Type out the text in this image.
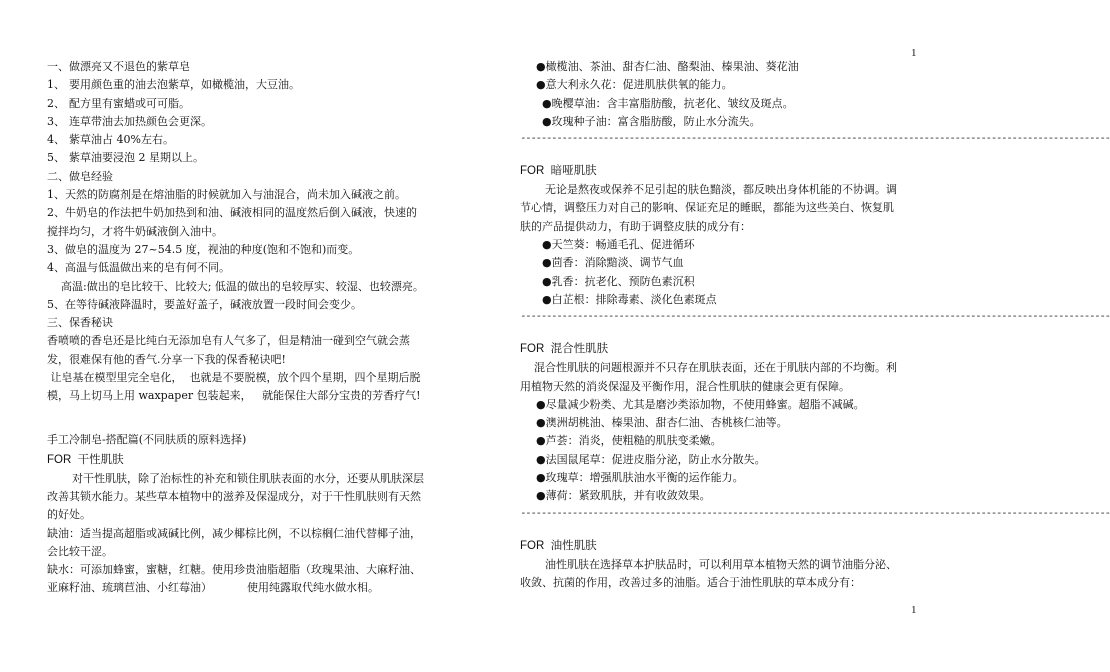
1
1
一、做漂亮又不退色的紫草皂
1、 要用颜色重的油去泡紫草，如橄榄油，大豆油。
2、 配方里有蜜蜡或可可脂。
3、 连草带油去加热颜色会更深。
4、 紫草油占 40%左右。
5、 紫草油要浸泡 2 星期以上。
二、做皂经验
1、天然的防腐剂是在熔油脂的时候就加入与油混合，尚未加入碱液之前。
2、牛奶皂的作法把牛奶加热到和油、碱液相同的温度然后倒入碱液，快速的
搅拌均匀，才将牛奶碱液倒入油中。
3、做皂的温度为 27~54.5 度，视油的种度(饱和不饱和)而变。
4、高温与低温做出来的皂有何不同。
高温:做出的皂比较干、比较大; 低温的做出的皂较厚实、较湿、也较漂亮。
5、在等待碱液降温时，要盖好盖子，碱液放置一段时间会变少。
三、保香秘诀
香喷喷的香皂还是比纯白无添加皂有人气多了，但是精油一碰到空气就会蒸
发，很难保有他的香气.分享一下我的保香秘诀吧!
让皂基在模型里完全皂化，  也就是不要脱模，放个四个星期，四个星期后脱
模，马上切马上用 waxpaper 包装起来，   就能保住大部分宝贵的芳香疗气!
手工冷制皂-搭配篇(不同肤质的原料选择)
FOR  干性肌肤
对干性肌肤，除了治标性的补充和锁住肌肤表面的水分，还要从肌肤深层
改善其锁水能力。某些草本植物中的滋养及保湿成分，对于干性肌肤则有天然
的好处。
缺油：适当提高超脂或减碱比例，减少椰棕比例，不以棕榈仁油代替椰子油，
会比较干涩。
缺水：可添加蜂蜜，蜜糖，红糖。使用珍贵油脂超脂（玫瑰果油、大麻籽油、
亚麻籽油、琉璃苣油、小红莓油）          使用纯露取代纯水做水相。
●橄榄油、茶油、甜杏仁油、酪梨油、榛果油、葵花油
●意大利永久花：促进肌肤供氧的能力。
●晚樱草油：含丰富脂肪酸，抗老化、皱纹及斑点。
●玫瑰种子油：富含脂肪酸，防止水分流失。
------------------------------------------------------------------------------------------------------------------
FOR  暗哑肌肤
无论是熬夜或保养不足引起的肤色黯淡，都反映出身体机能的不协调。调
节心情，调整压力对自己的影响、保证充足的睡眠，都能为这些美白、恢复肌
肤的产品提供动力，有助于调整皮肤的成分有：
●天竺葵：畅通毛孔、促进循环
●茴香：消除黯淡、调节气血
●乳香：抗老化、预防色素沉积
●白芷根：排除毒素、淡化色素斑点
------------------------------------------------------------------------------------------------------------------
FOR  混合性肌肤
混合性肌肤的问题根源并不只存在肌肤表面，还在于肌肤内部的不均衡。利
用植物天然的消炎保湿及平衡作用，混合性肌肤的健康会更有保障。
●尽量减少粉类、尤其是磨沙类添加物，不使用蜂蜜。超脂不减碱。
●澳洲胡桃油、榛果油、甜杏仁油、杏桃核仁油等。
●芦荟：消炎，使粗糙的肌肤变柔嫩。
●法国鼠尾草：促进皮脂分泌，防止水分散失。
●玫瑰草：增强肌肤油水平衡的运作能力。
●薄荷：紧致肌肤，并有收敛效果。
------------------------------------------------------------------------------------------------------------------
FOR  油性肌肤
油性肌肤在选择草本护肤品时，可以利用草本植物天然的调节油脂分泌、
收敛、抗菌的作用，改善过多的油脂。适合于油性肌肤的草本成分有：
